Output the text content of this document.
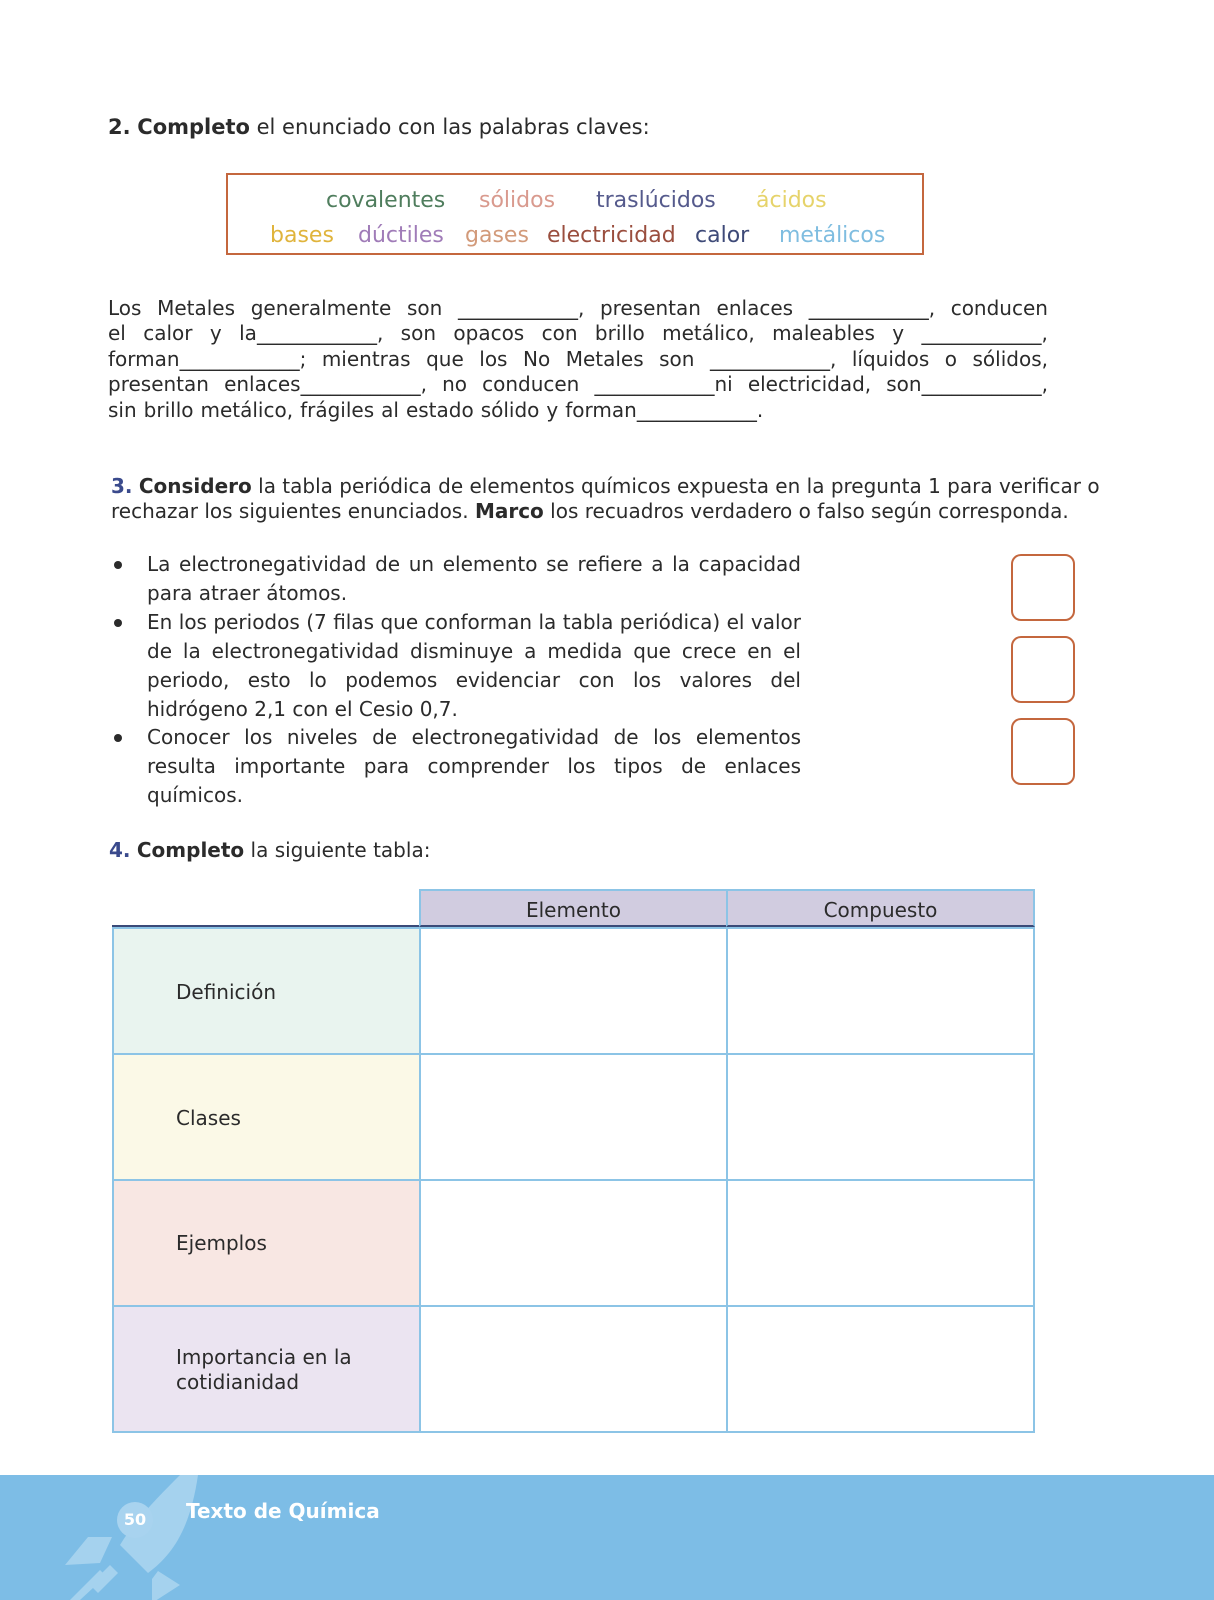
2. Completo el enunciado con las palabras claves:
covalentes sólidos traslúcidos ácidos
bases dúctiles gases electricidad calor metálicos
Los Metales generalmente son ____________, presentan enlaces ____________, conducen
el calor y la____________, son opacos con brillo metálico, maleables y ____________,
forman____________; mientras que los No Metales son ____________, líquidos o sólidos,
presentan enlaces____________, no conducen ____________ni electricidad, son____________,
sin brillo metálico, frágiles al estado sólido y forman____________.
3. Considero la tabla periódica de elementos químicos expuesta en la pregunta 1 para verificar o
rechazar los siguientes enunciados. Marco los recuadros verdadero o falso según corresponda.
La electronegatividad de un elemento se refiere a la capacidad para atraer átomos.
En los periodos (7 filas que conforman la tabla periódica) el valor de la electronegatividad disminuye a medida que crece en el periodo, esto lo podemos evidenciar con los valores del hidrógeno 2,1 con el Cesio 0,7.
Conocer los niveles de electronegatividad de los elementos resulta importante para comprender los tipos de enlaces químicos.
4. Completo la siguiente tabla:
Elemento	Compuesto
Definición
Clases
Ejemplos
Importancia en la cotidianidad
50	Texto de Química
